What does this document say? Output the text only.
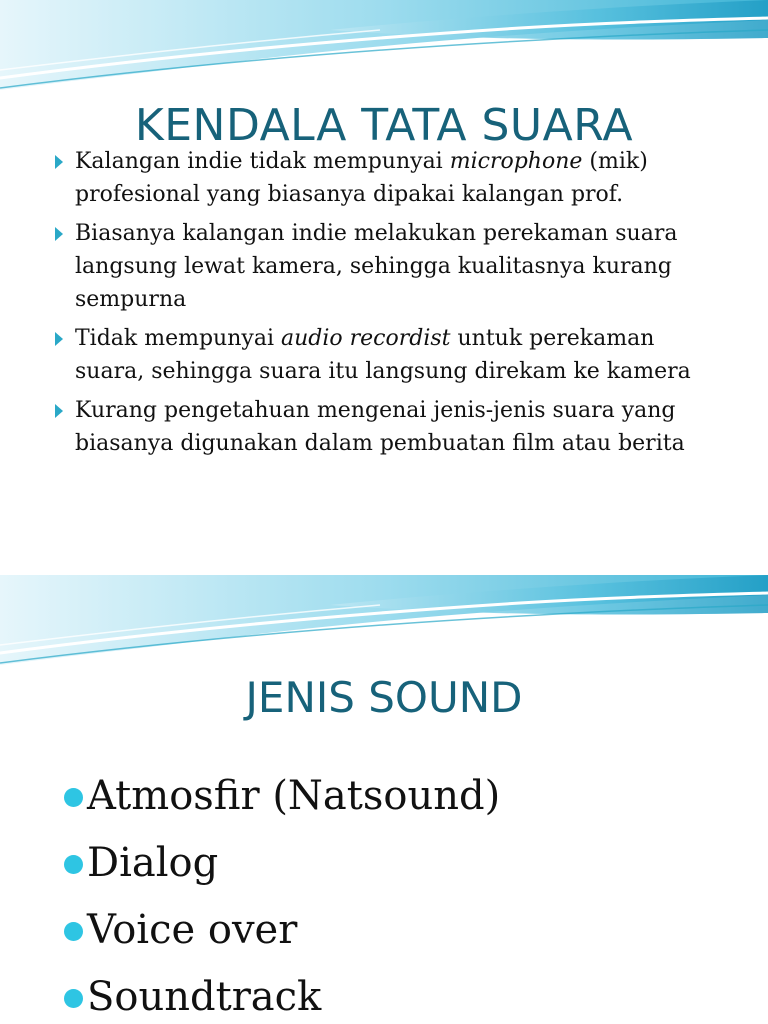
KENDALA TATA SUARA
Kalangan indie tidak mempunyai microphone (mik) profesional yang biasanya dipakai kalangan prof.
Biasanya kalangan indie melakukan perekaman suara langsung lewat kamera, sehingga kualitasnya kurang sempurna
Tidak mempunyai audio recordist untuk perekaman suara, sehingga suara itu langsung direkam ke kamera
Kurang pengetahuan mengenai jenis-jenis suara yang biasanya digunakan dalam pembuatan film atau berita
JENIS SOUND
Atmosfir (Natsound)
Dialog
Voice over
Soundtrack
